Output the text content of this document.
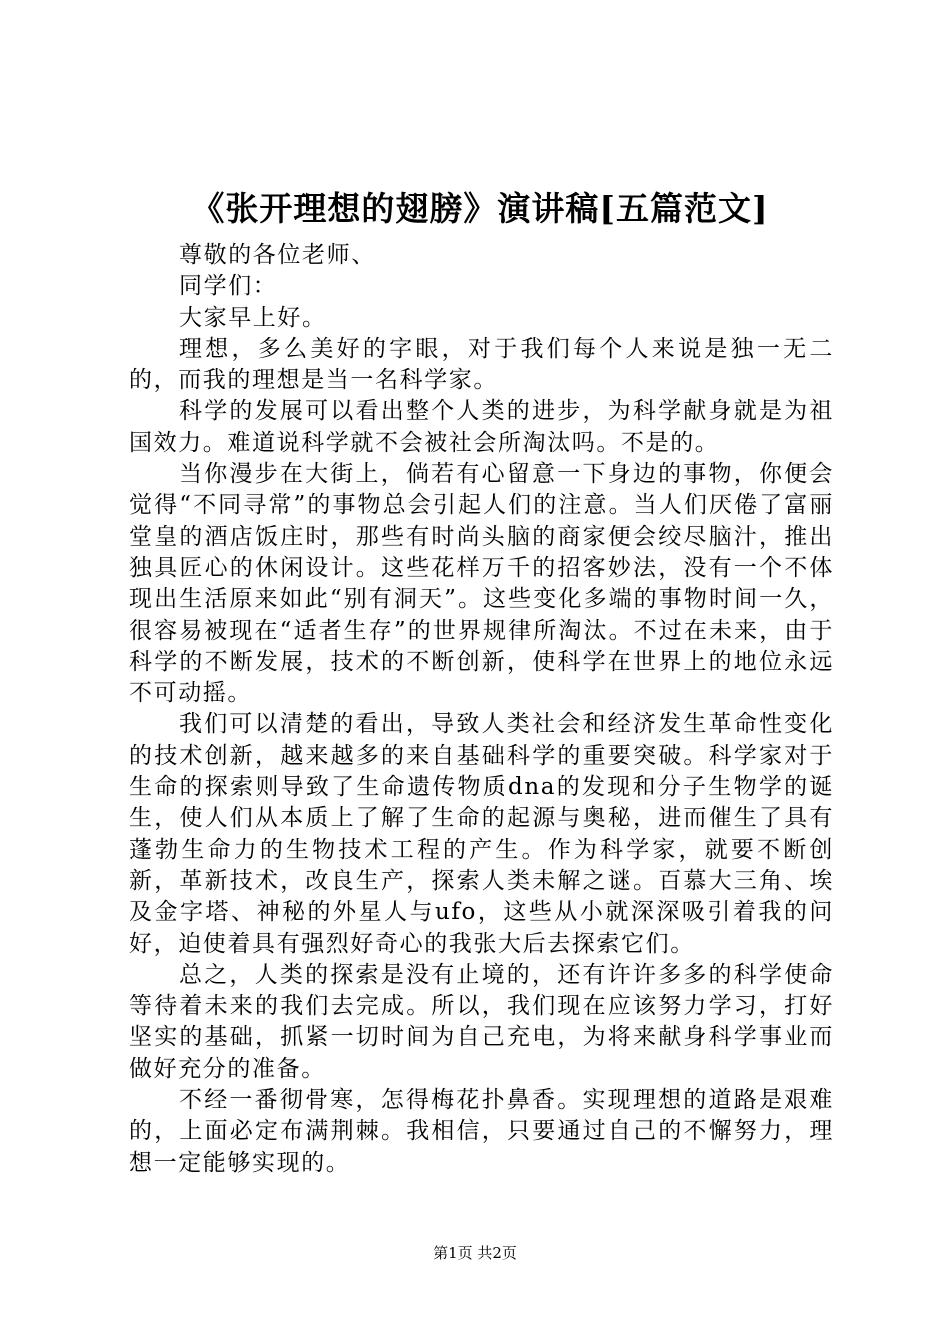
《张开理想的翅膀》演讲稿[五篇范文]

尊敬的各位老师、

同学们：

大家早上好。

理想，多么美好的字眼，对于我们每个人来说是独一无二的，而我的理想是当一名科学家。

科学的发展可以看出整个人类的进步，为科学献身就是为祖国效力。难道说科学就不会被社会所淘汰吗。不是的。

当你漫步在大街上，倘若有心留意一下身边的事物，你便会觉得“不同寻常”的事物总会引起人们的注意。当人们厌倦了富丽堂皇的酒店饭庄时，那些有时尚头脑的商家便会绞尽脑汁，推出独具匠心的休闲设计。这些花样万千的招客妙法，没有一个不体现出生活原来如此“别有洞天”。这些变化多端的事物时间一久，很容易被现在“适者生存”的世界规律所淘汰。不过在未来，由于科学的不断发展，技术的不断创新，使科学在世界上的地位永远不可动摇。

我们可以清楚的看出，导致人类社会和经济发生革命性变化的技术创新，越来越多的来自基础科学的重要突破。科学家对于生命的探索则导致了生命遗传物质dna的发现和分子生物学的诞生，使人们从本质上了解了生命的起源与奥秘，进而催生了具有蓬勃生命力的生物技术工程的产生。作为科学家，就要不断创新，革新技术，改良生产，探索人类未解之谜。百慕大三角、埃及金字塔、神秘的外星人与ufo，这些从小就深深吸引着我的问好，迫使着具有强烈好奇心的我张大后去探索它们。

总之，人类的探索是没有止境的，还有许许多多的科学使命等待着未来的我们去完成。所以，我们现在应该努力学习，打好坚实的基础，抓紧一切时间为自己充电，为将来献身科学事业而做好充分的准备。

不经一番彻骨寒，怎得梅花扑鼻香。实现理想的道路是艰难的，上面必定布满荆棘。我相信，只要通过自己的不懈努力，理想一定能够实现的。

第1页 共2页
